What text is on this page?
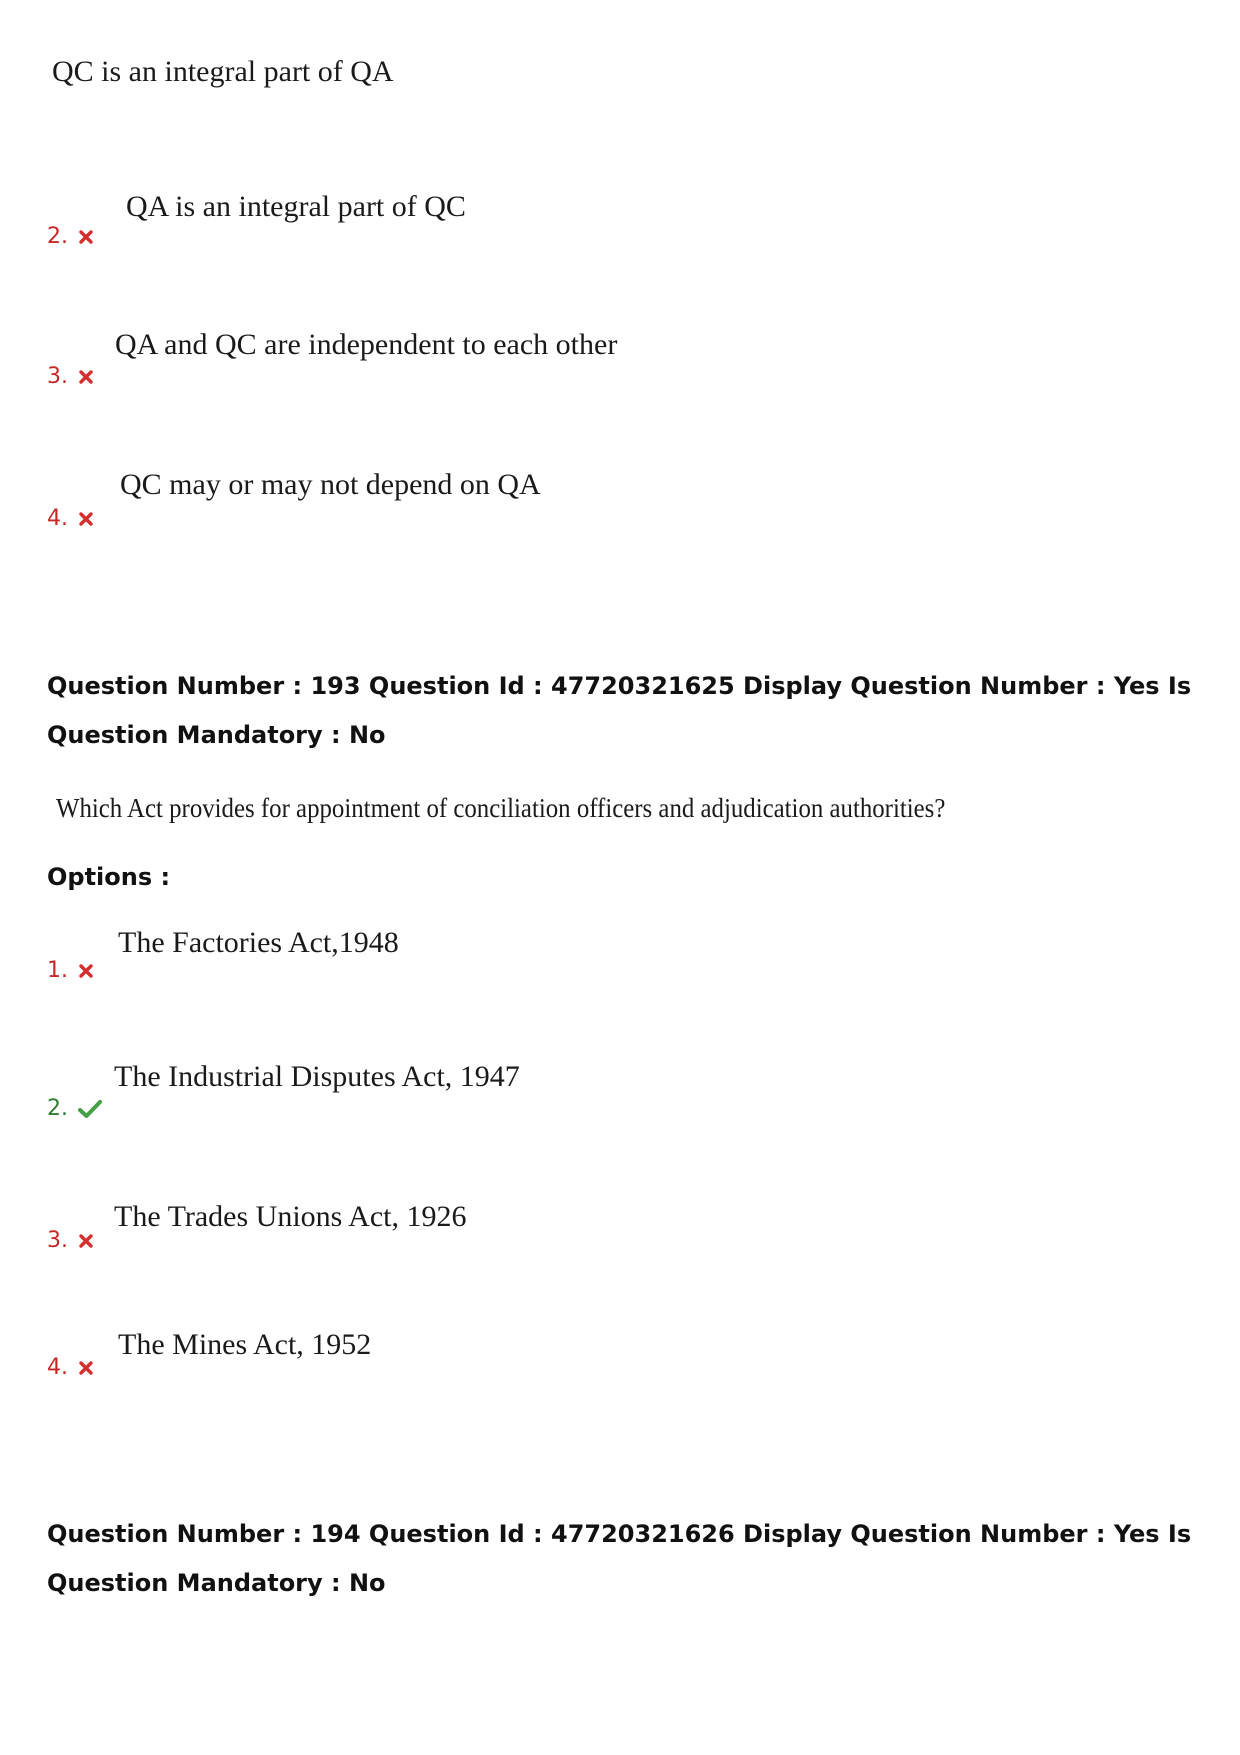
QC is an integral part of QA
QA is an integral part of QC
2.
QA and QC are independent to each other
3.
QC may or may not depend on QA
4.
Question Number : 193 Question Id : 47720321625 Display Question Number : Yes Is Question Mandatory : No
Which Act provides for appointment of conciliation officers and adjudication authorities?
Options :
The Factories Act,1948
1.
The Industrial Disputes Act, 1947
2.
The Trades Unions Act, 1926
3.
The Mines Act, 1952
4.
Question Number : 194 Question Id : 47720321626 Display Question Number : Yes Is Question Mandatory : No
